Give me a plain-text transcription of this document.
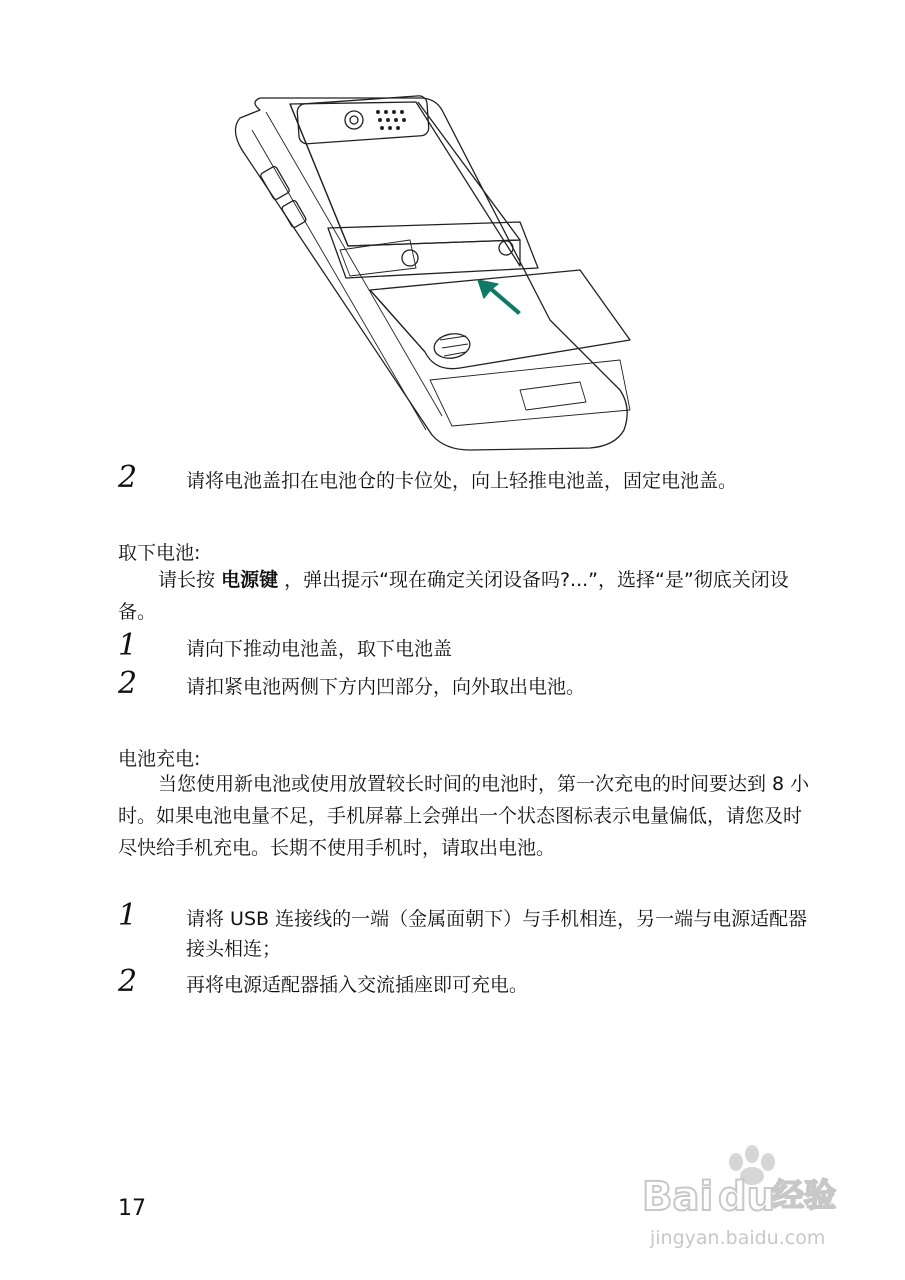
2	请将电池盖扣在电池仓的卡位处，向上轻推电池盖，固定电池盖。
取下电池:
请长按 电源键 ，弹出提示“现在确定关闭设备吗?...”，选择“是”彻底关闭设备。
1	请向下推动电池盖，取下电池盖
2	请扣紧电池两侧下方内凹部分，向外取出电池。
电池充电:
当您使用新电池或使用放置较长时间的电池时，第一次充电的时间要达到 8 小时。如果电池电量不足，手机屏幕上会弹出一个状态图标表示电量偏低，请您及时尽快给手机充电。长期不使用手机时，请取出电池。
1	请将 USB 连接线的一端（金属面朝下）与手机相连，另一端与电源适配器接头相连；
2	再将电源适配器插入交流插座即可充电。
17	Bai du
经验
jingyan.baidu.com
